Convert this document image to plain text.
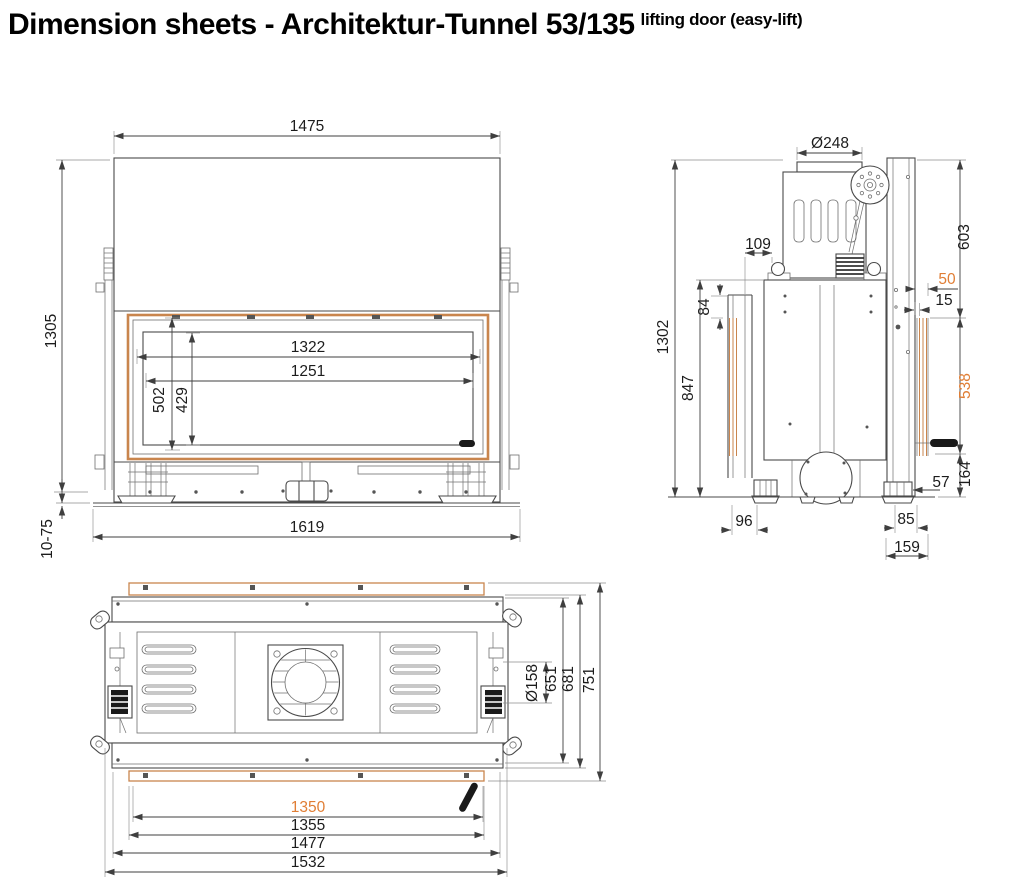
Dimension sheets - Architektur-Tunnel 53/135 lifting door (easy-lift)
1475
1305	1322
1251
502 429
1619
10-75
Ø248
109
84
1302
847
603
50
15
538
164
57
96	85
159
Ø158 651 681 751
1350
1355
1477
1532
